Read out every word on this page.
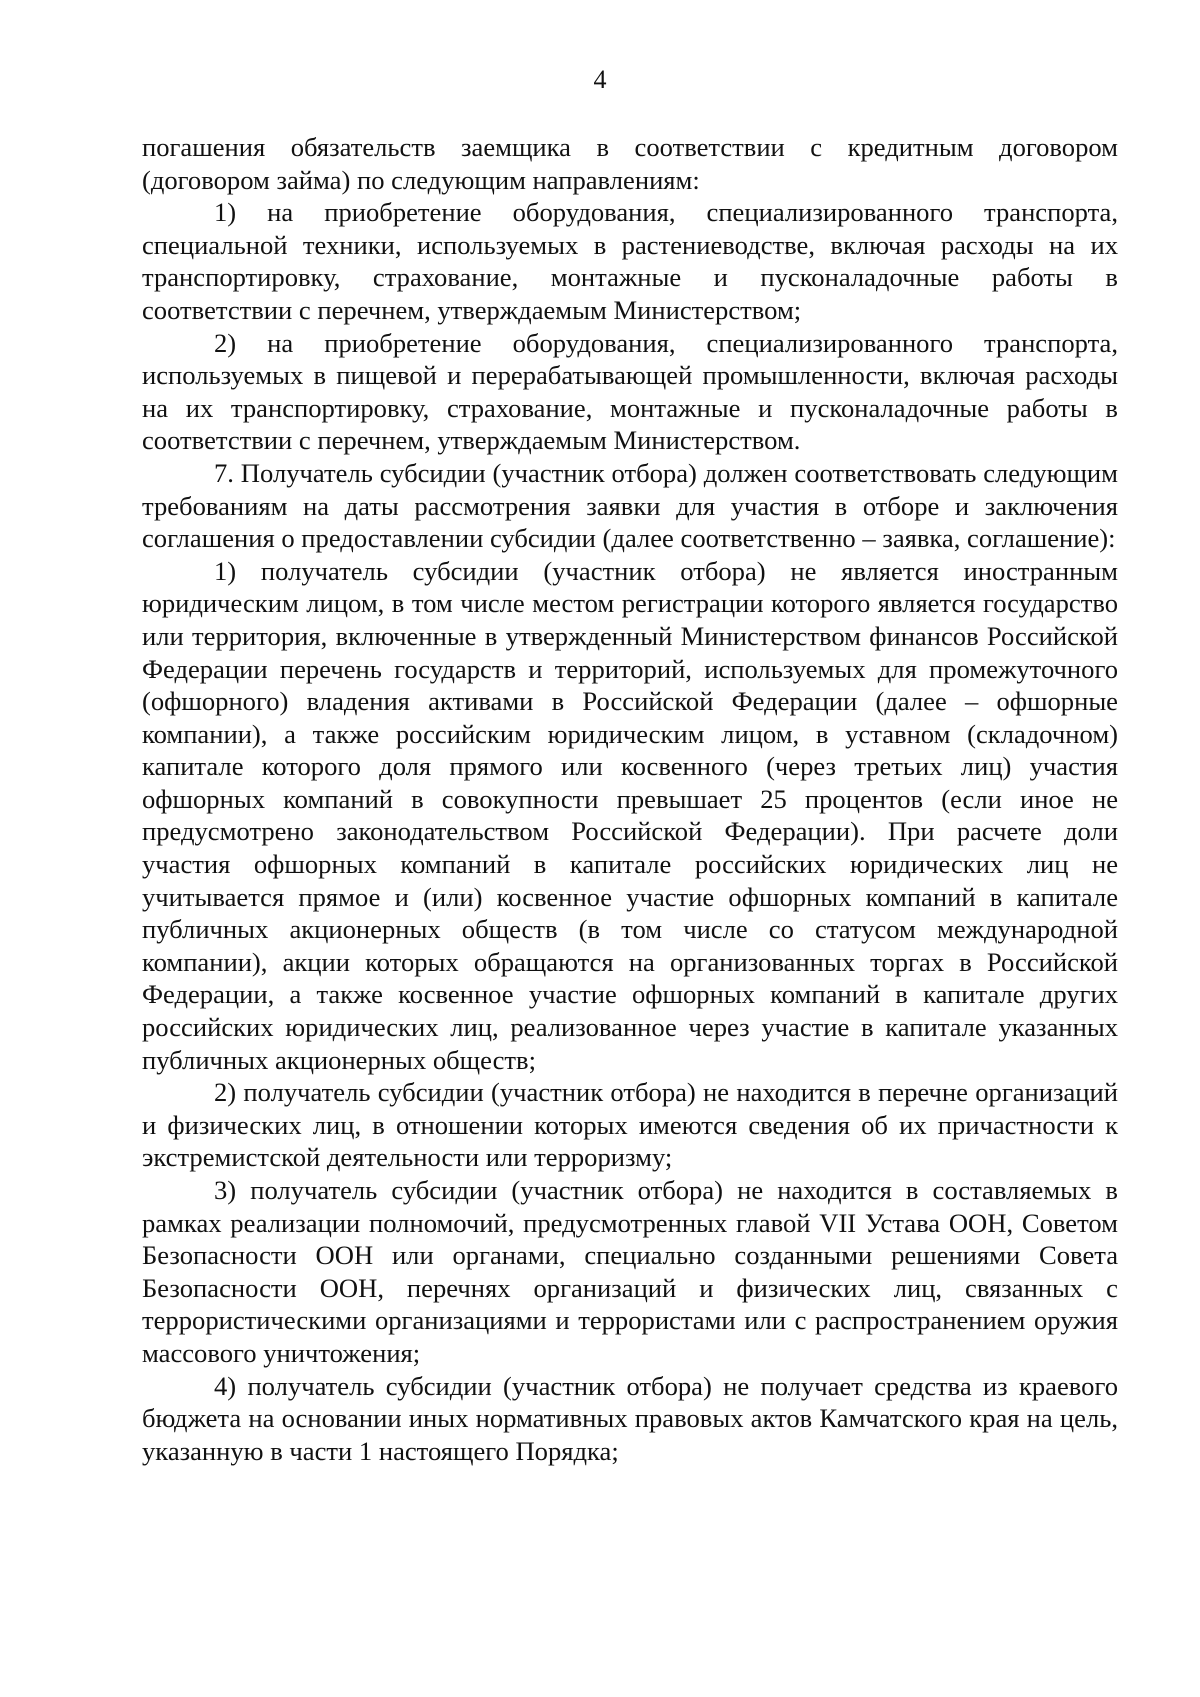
4

погашения обязательств заемщика в соответствии с кредитным договором (договором займа) по следующим направлениям:

1) на приобретение оборудования, специализированного транспорта, специальной техники, используемых в растениеводстве, включая расходы на их транспортировку, страхование, монтажные и пусконаладочные работы в соответствии с перечнем, утверждаемым Министерством;

2) на приобретение оборудования, специализированного транспорта, используемых в пищевой и перерабатывающей промышленности, включая расходы на их транспортировку, страхование, монтажные и пусконаладочные работы в соответствии с перечнем, утверждаемым Министерством.

7. Получатель субсидии (участник отбора) должен соответствовать следующим требованиям на даты рассмотрения заявки для участия в отборе и заключения соглашения о предоставлении субсидии (далее соответственно – заявка, соглашение):

1) получатель субсидии (участник отбора) не является иностранным юридическим лицом, в том числе местом регистрации которого является государство или территория, включенные в утвержденный Министерством финансов Российской Федерации перечень государств и территорий, используемых для промежуточного (офшорного) владения активами в Российской Федерации (далее – офшорные компании), а также российским юридическим лицом, в уставном (складочном) капитале которого доля прямого или косвенного (через третьих лиц) участия офшорных компаний в совокупности превышает 25 процентов (если иное не предусмотрено законодательством Российской Федерации). При расчете доли участия офшорных компаний в капитале российских юридических лиц не учитывается прямое и (или) косвенное участие офшорных компаний в капитале публичных акционерных обществ (в том числе со статусом международной компании), акции которых обращаются на организованных торгах в Российской Федерации, а также косвенное участие офшорных компаний в капитале других российских юридических лиц, реализованное через участие в капитале указанных публичных акционерных обществ;

2) получатель субсидии (участник отбора) не находится в перечне организаций и физических лиц, в отношении которых имеются сведения об их причастности к экстремистской деятельности или терроризму;

3) получатель субсидии (участник отбора) не находится в составляемых в рамках реализации полномочий, предусмотренных главой VII Устава ООН, Советом Безопасности ООН или органами, специально созданными решениями Совета Безопасности ООН, перечнях организаций и физических лиц, связанных с террористическими организациями и террористами или с распространением оружия массового уничтожения;

4) получатель субсидии (участник отбора) не получает средства из краевого бюджета на основании иных нормативных правовых актов Камчатского края на цель, указанную в части 1 настоящего Порядка;
